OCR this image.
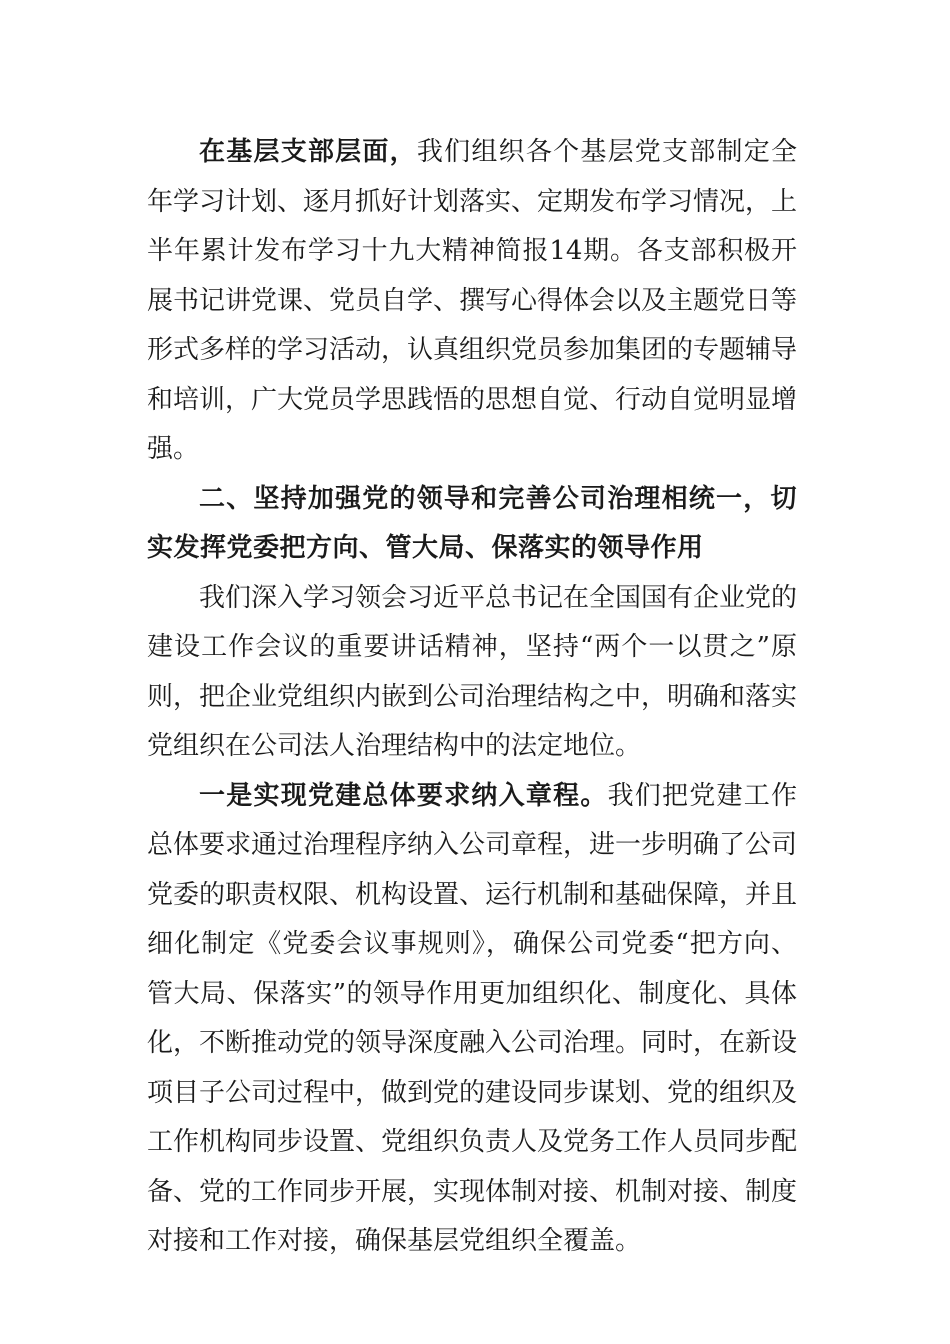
在基层支部层面，我们组织各个基层党支部制定全年学习计划、逐月抓好计划落实、定期发布学习情况，上半年累计发布学习十九大精神简报14期。各支部积极开展书记讲党课、党员自学、撰写心得体会以及主题党日等形式多样的学习活动，认真组织党员参加集团的专题辅导和培训，广大党员学思践悟的思想自觉、行动自觉明显增强。

二、坚持加强党的领导和完善公司治理相统一，切实发挥党委把方向、管大局、保落实的领导作用

我们深入学习领会习近平总书记在全国国有企业党的建设工作会议的重要讲话精神，坚持“两个一以贯之”原则，把企业党组织内嵌到公司治理结构之中，明确和落实党组织在公司法人治理结构中的法定地位。

一是实现党建总体要求纳入章程。我们把党建工作总体要求通过治理程序纳入公司章程，进一步明确了公司党委的职责权限、机构设置、运行机制和基础保障，并且细化制定《党委会议事规则》，确保公司党委“把方向、管大局、保落实”的领导作用更加组织化、制度化、具体化，不断推动党的领导深度融入公司治理。同时，在新设项目子公司过程中，做到党的建设同步谋划、党的组织及工作机构同步设置、党组织负责人及党务工作人员同步配备、党的工作同步开展，实现体制对接、机制对接、制度对接和工作对接，确保基层党组织全覆盖。
